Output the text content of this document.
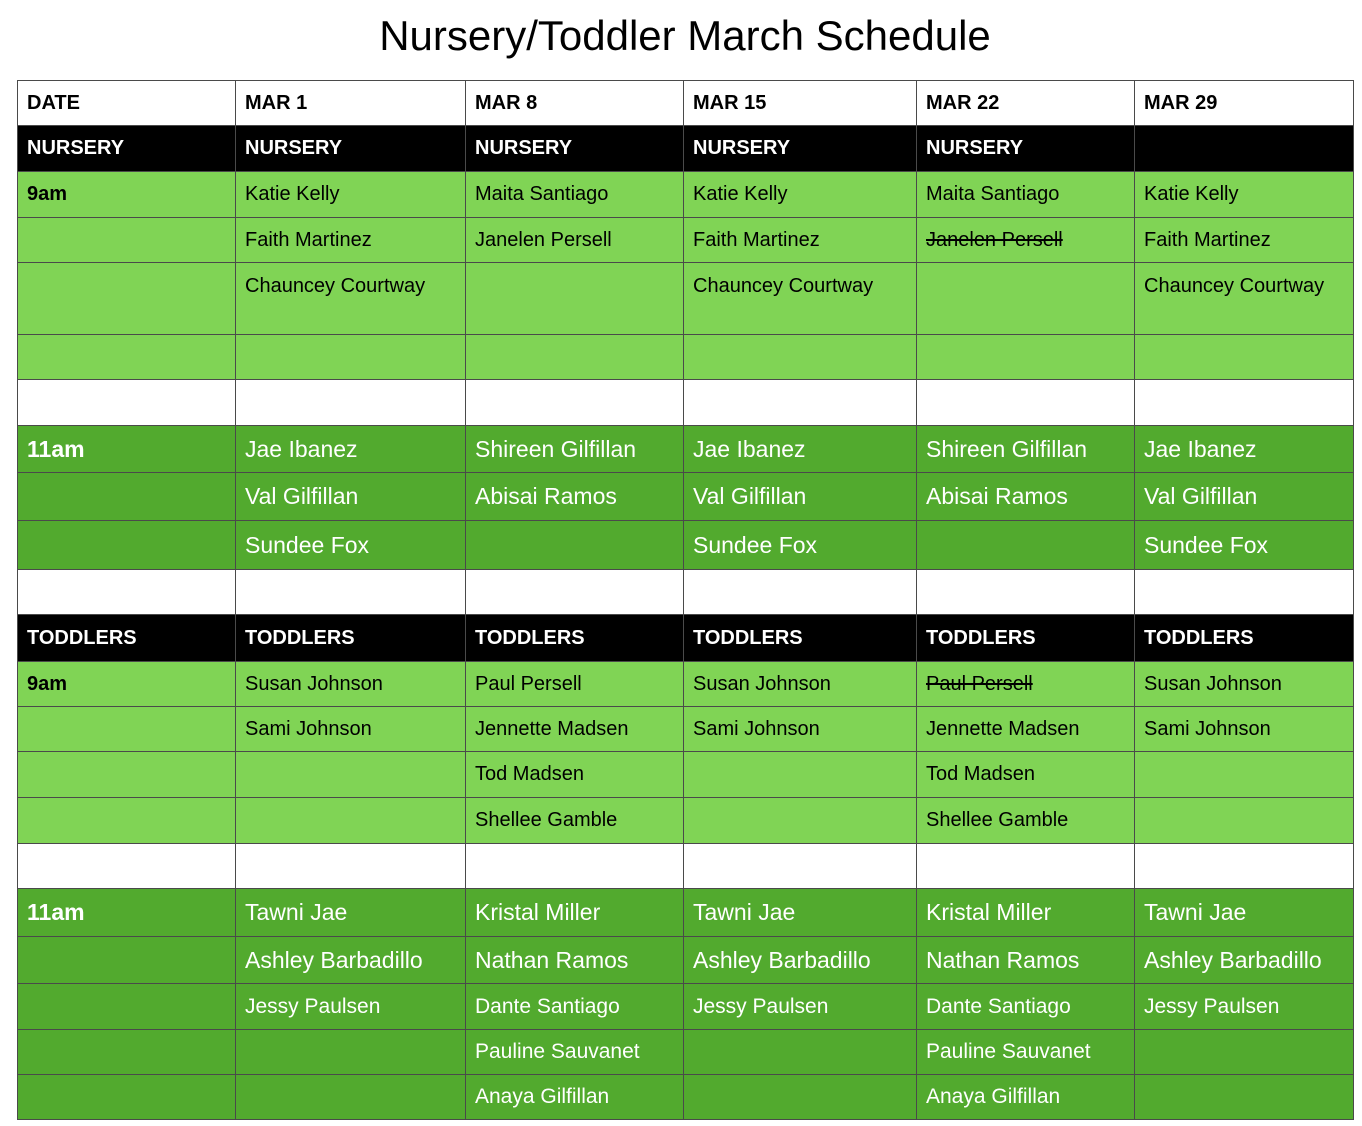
Nursery/Toddler March Schedule
DATE	MAR 1	MAR 8	MAR 15	MAR 22	MAR 29
NURSERY	NURSERY	NURSERY	NURSERY	NURSERY	
9am	Katie Kelly	Maita Santiago	Katie Kelly	Maita Santiago	Katie Kelly
	Faith Martinez	Janelen Persell	Faith Martinez	Janelen Persell	Faith Martinez
	Chauncey Courtway		Chauncey Courtway		Chauncey Courtway

11am	Jae Ibanez	Shireen Gilfillan	Jae Ibanez	Shireen Gilfillan	Jae Ibanez
	Val Gilfillan	Abisai Ramos	Val Gilfillan	Abisai Ramos	Val Gilfillan
	Sundee Fox		Sundee Fox		Sundee Fox

TODDLERS	TODDLERS	TODDLERS	TODDLERS	TODDLERS	TODDLERS
9am	Susan Johnson	Paul Persell	Susan Johnson	Paul Persell	Susan Johnson
	Sami Johnson	Jennette Madsen	Sami Johnson	Jennette Madsen	Sami Johnson
		Tod Madsen		Tod Madsen	
		Shellee Gamble		Shellee Gamble	

11am	Tawni Jae	Kristal Miller	Tawni Jae	Kristal Miller	Tawni Jae
	Ashley Barbadillo	Nathan Ramos	Ashley Barbadillo	Nathan Ramos	Ashley Barbadillo
	Jessy Paulsen	Dante Santiago	Jessy Paulsen	Dante Santiago	Jessy Paulsen
		Pauline Sauvanet		Pauline Sauvanet	
		Anaya Gilfillan		Anaya Gilfillan	
